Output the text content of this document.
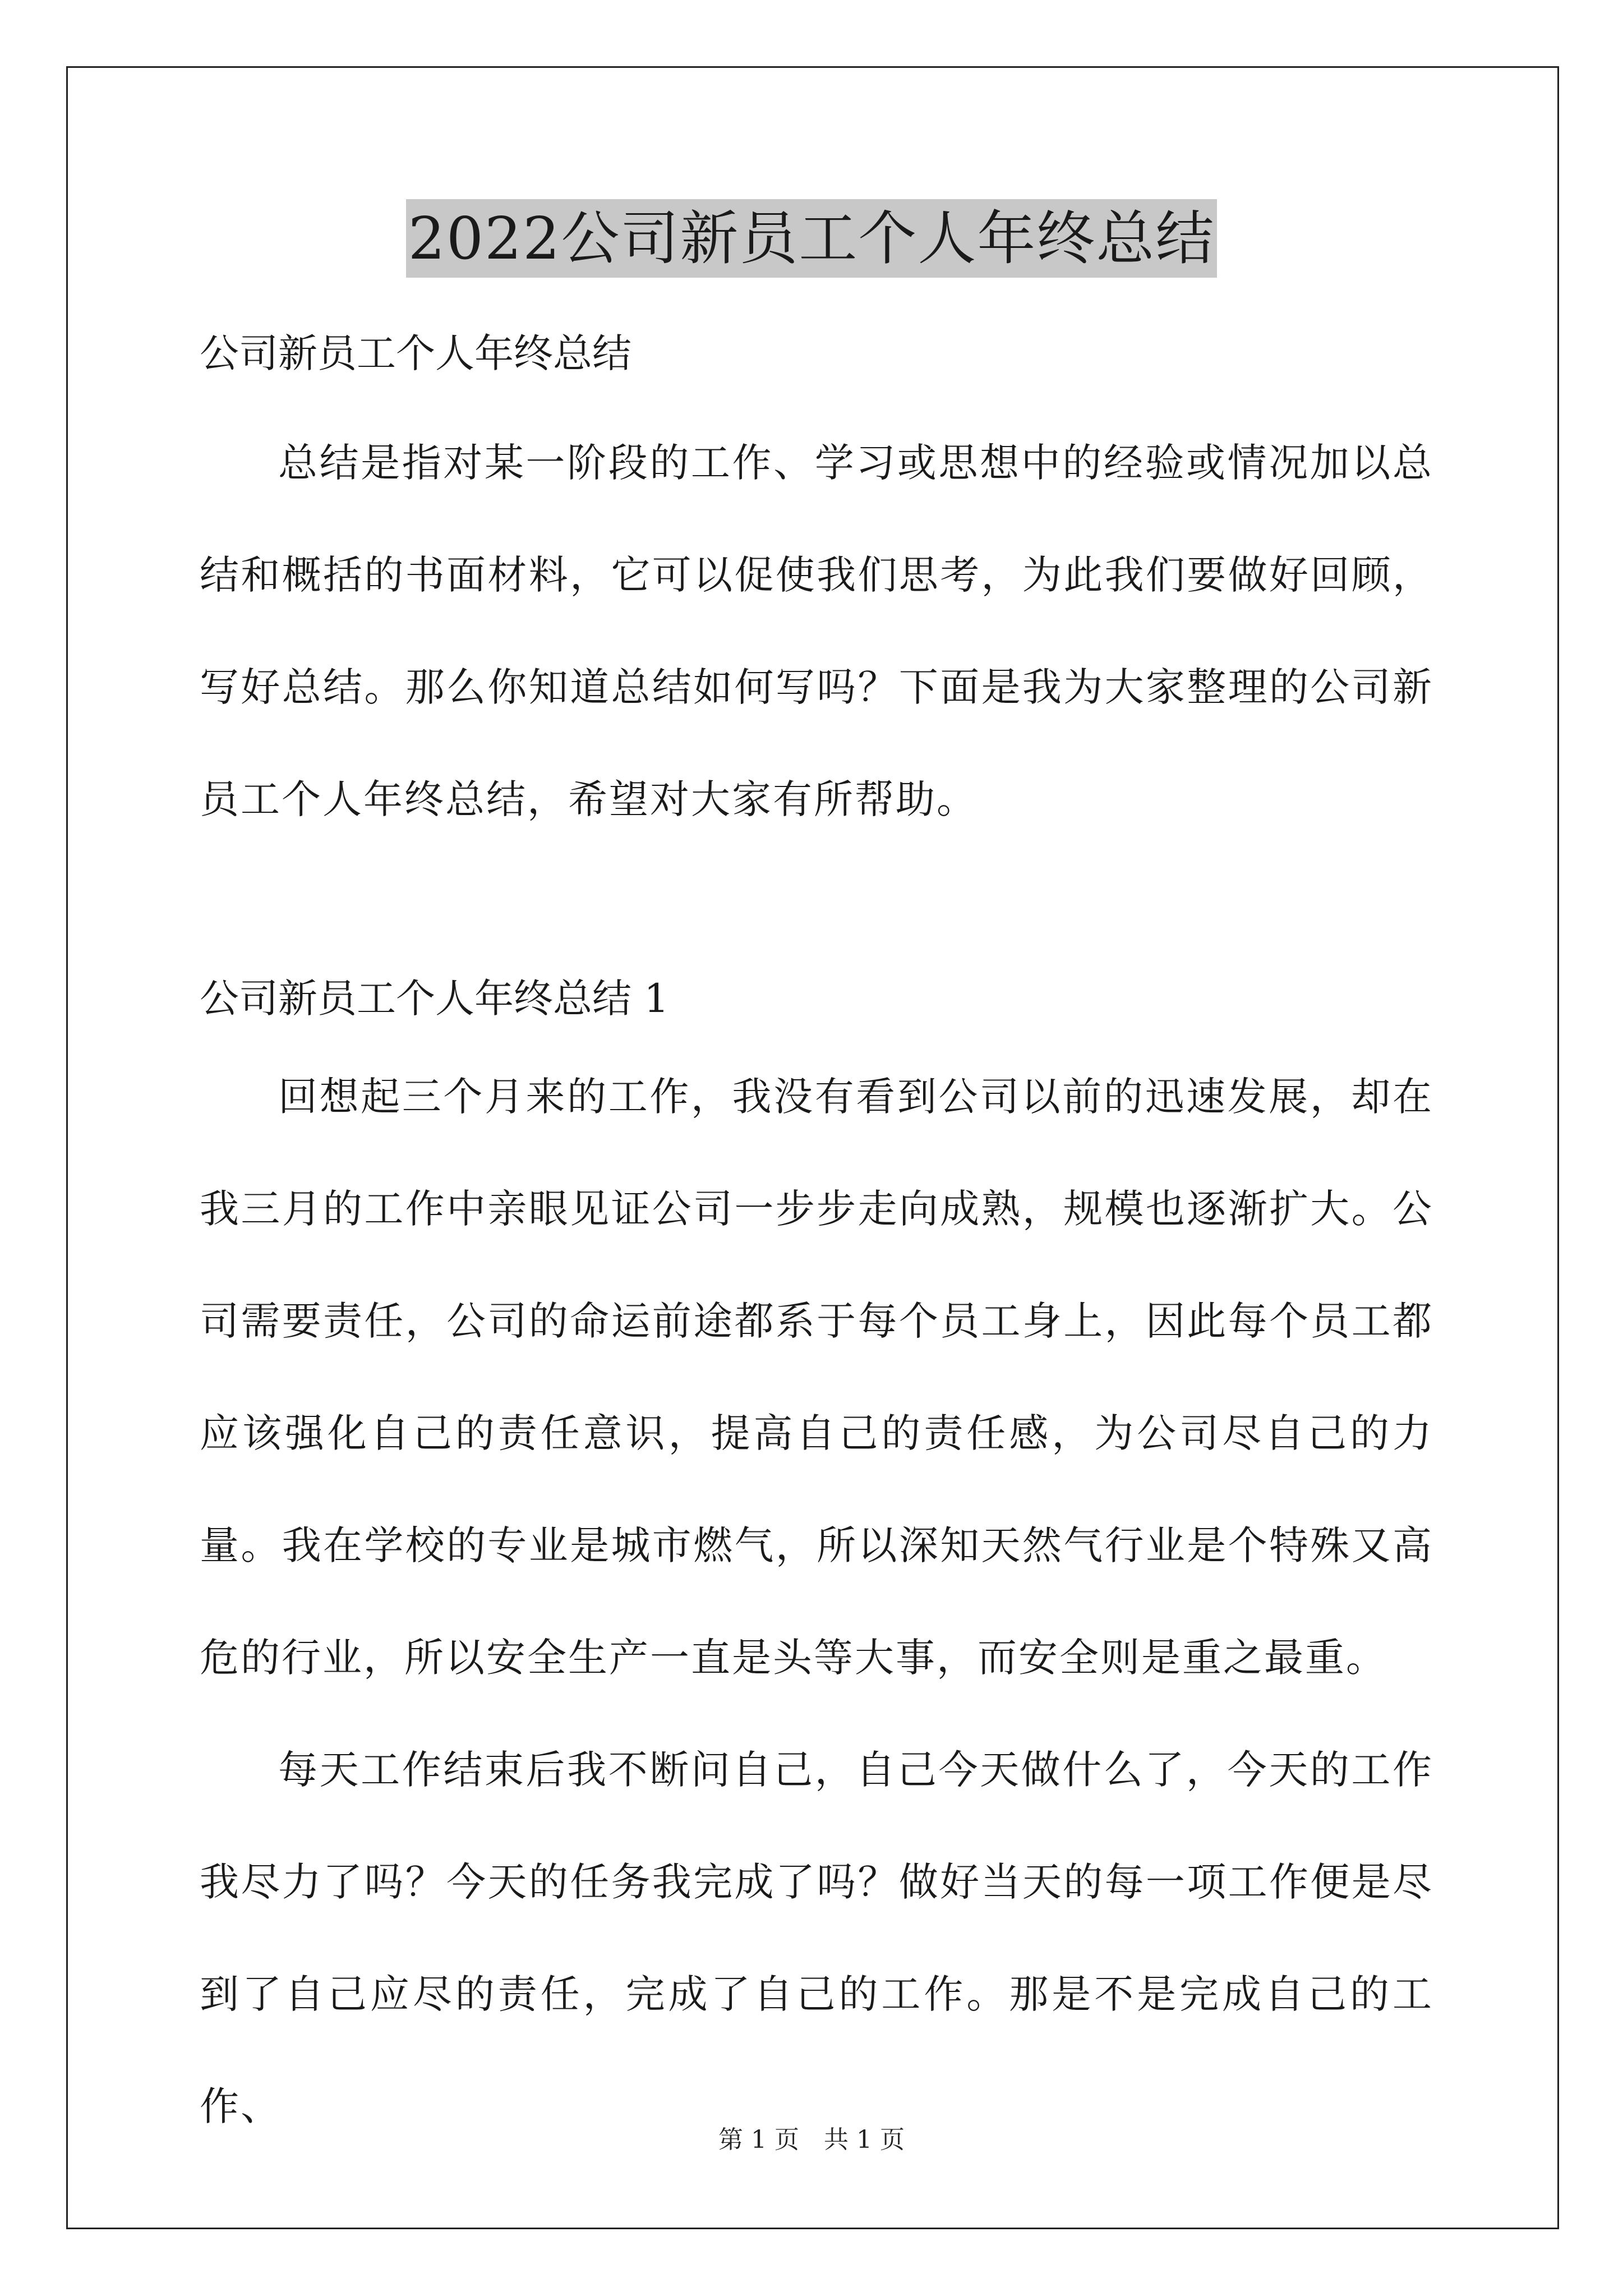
2022公司新员工个人年终总结

公司新员工个人年终总结

总结是指对某一阶段的工作、学习或思想中的经验或情况加以总结和概括的书面材料，它可以促使我们思考，为此我们要做好回顾，写好总结。那么你知道总结如何写吗？下面是我为大家整理的公司新员工个人年终总结，希望对大家有所帮助。

公司新员工个人年终总结 1

回想起三个月来的工作，我没有看到公司以前的迅速发展，却在我三月的工作中亲眼见证公司一步步走向成熟，规模也逐渐扩大。公司需要责任，公司的命运前途都系于每个员工身上，因此每个员工都应该强化自己的责任意识，提高自己的责任感，为公司尽自己的力量。我在学校的专业是城市燃气，所以深知天然气行业是个特殊又高危的行业，所以安全生产一直是头等大事，而安全则是重之最重。

每天工作结束后我不断问自己，自己今天做什么了，今天的工作我尽力了吗？今天的任务我完成了吗？做好当天的每一项工作便是尽到了自己应尽的责任，完成了自己的工作。那是不是完成自己的工作、

第 1 页　共 1 页
